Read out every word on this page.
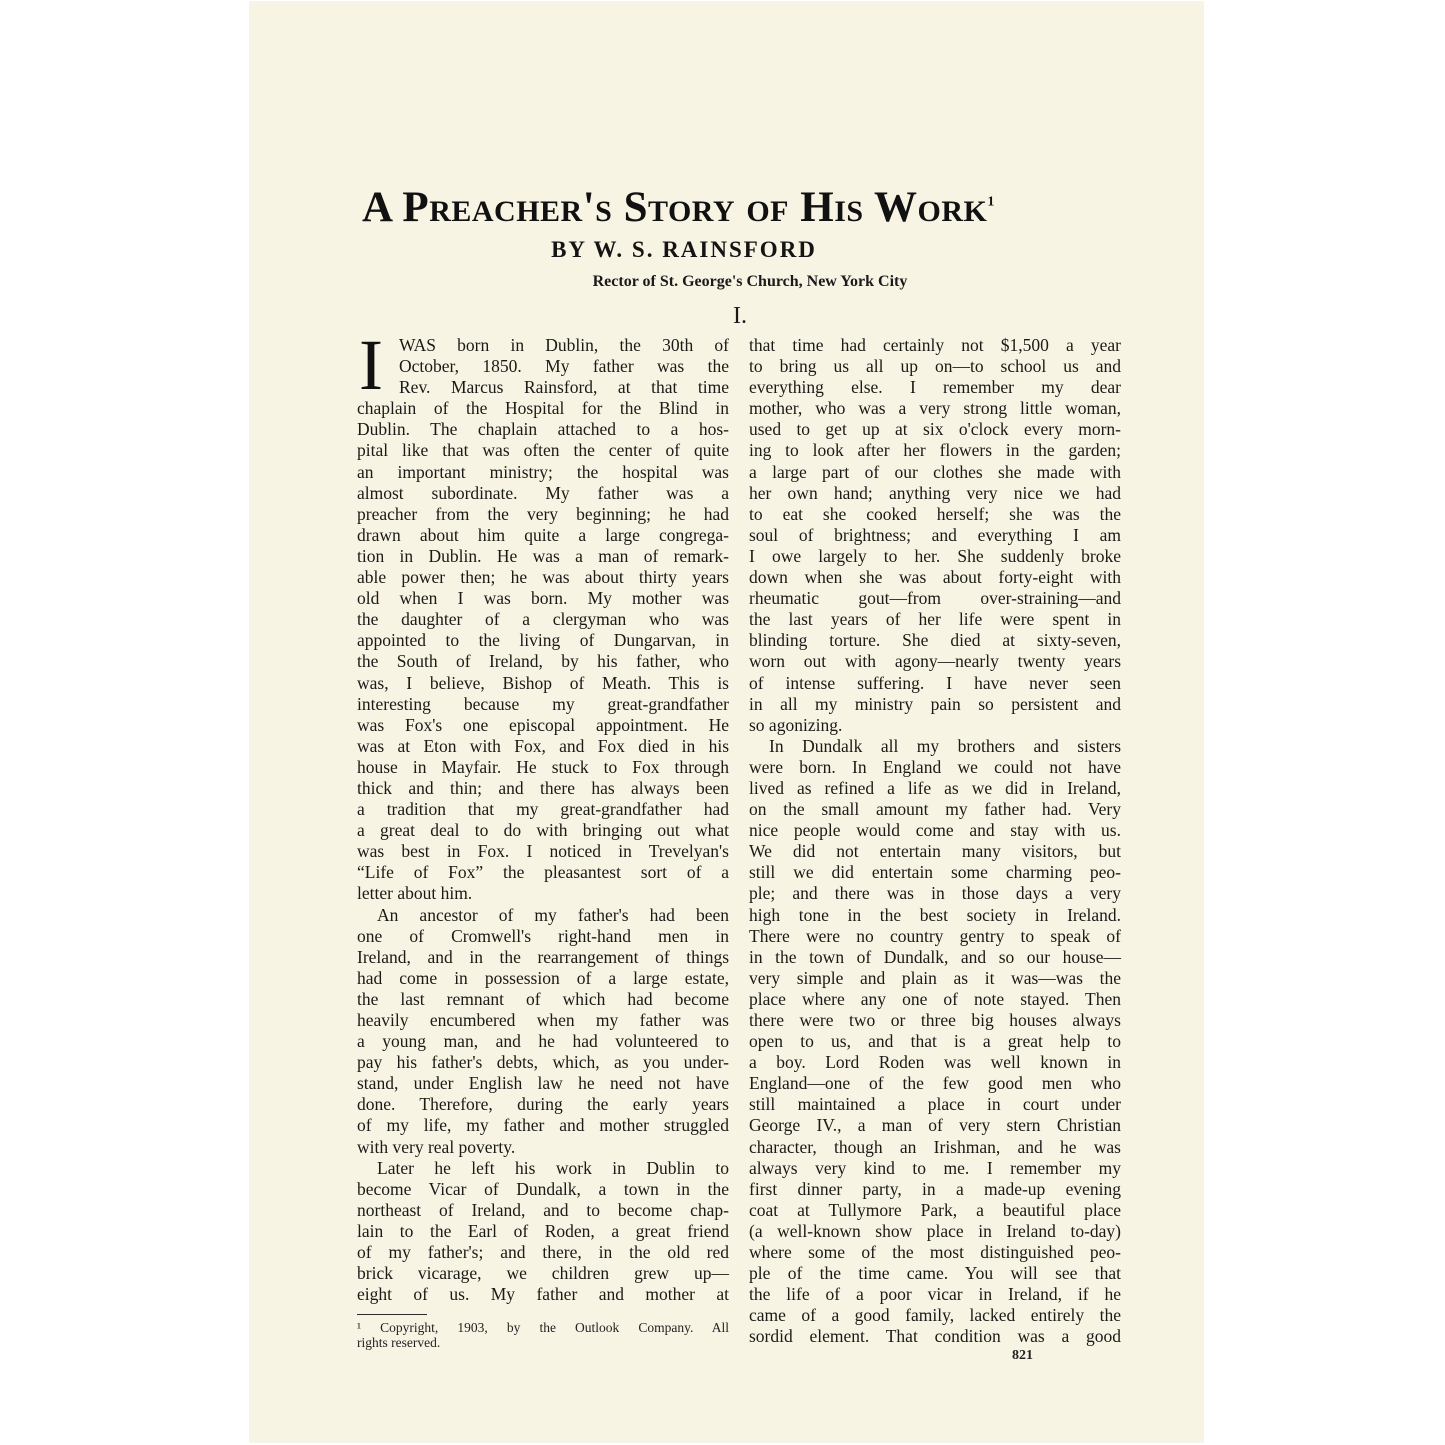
A Preacher's Story of His Work$^1$
BY W. S. RAINSFORD
Rector of St. George's Church, New York City
I.
I WAS born in Dublin, the 30th of
October, 1850. My father was the
Rev. Marcus Rainsford, at that time
chaplain of the Hospital for the Blind in
Dublin. The chaplain attached to a hos-
pital like that was often the center of quite
an important ministry; the hospital was
almost subordinate. My father was a
preacher from the very beginning; he had
drawn about him quite a large congrega-
tion in Dublin. He was a man of remark-
able power then; he was about thirty years
old when I was born. My mother was
the daughter of a clergyman who was
appointed to the living of Dungarvan, in
the South of Ireland, by his father, who
was, I believe, Bishop of Meath. This is
interesting because my great-grandfather
was Fox's one episcopal appointment. He
was at Eton with Fox, and Fox died in his
house in Mayfair. He stuck to Fox through
thick and thin; and there has always been
a tradition that my great-grandfather had
a great deal to do with bringing out what
was best in Fox. I noticed in Trevelyan's
“Life of Fox” the pleasantest sort of a
letter about him.
An ancestor of my father's had been
one of Cromwell's right-hand men in
Ireland, and in the rearrangement of things
had come in possession of a large estate,
the last remnant of which had become
heavily encumbered when my father was
a young man, and he had volunteered to
pay his father's debts, which, as you under-
stand, under English law he need not have
done. Therefore, during the early years
of my life, my father and mother struggled
with very real poverty.
Later he left his work in Dublin to
become Vicar of Dundalk, a town in the
northeast of Ireland, and to become chap-
lain to the Earl of Roden, a great friend
of my father's; and there, in the old red
brick vicarage, we children grew up—
eight of us. My father and mother at
that time had certainly not $1,500 a year
to bring us all up on—to school us and
everything else. I remember my dear
mother, who was a very strong little woman,
used to get up at six o'clock every morn-
ing to look after her flowers in the garden;
a large part of our clothes she made with
her own hand; anything very nice we had
to eat she cooked herself; she was the
soul of brightness; and everything I am
I owe largely to her. She suddenly broke
down when she was about forty-eight with
rheumatic gout—from over-straining—and
the last years of her life were spent in
blinding torture. She died at sixty-seven,
worn out with agony—nearly twenty years
of intense suffering. I have never seen
in all my ministry pain so persistent and
so agonizing.
In Dundalk all my brothers and sisters
were born. In England we could not have
lived as refined a life as we did in Ireland,
on the small amount my father had. Very
nice people would come and stay with us.
We did not entertain many visitors, but
still we did entertain some charming peo-
ple; and there was in those days a very
high tone in the best society in Ireland.
There were no country gentry to speak of
in the town of Dundalk, and so our house—
very simple and plain as it was—was the
place where any one of note stayed. Then
there were two or three big houses always
open to us, and that is a great help to
a boy. Lord Roden was well known in
England—one of the few good men who
still maintained a place in court under
George IV., a man of very stern Christian
character, though an Irishman, and he was
always very kind to me. I remember my
first dinner party, in a made-up evening
coat at Tullymore Park, a beautiful place
(a well-known show place in Ireland to-day)
where some of the most distinguished peo-
ple of the time came. You will see that
the life of a poor vicar in Ireland, if he
came of a good family, lacked entirely the
sordid element. That condition was a good
¹ Copyright, 1903, by the Outlook Company. All
rights reserved.
821
